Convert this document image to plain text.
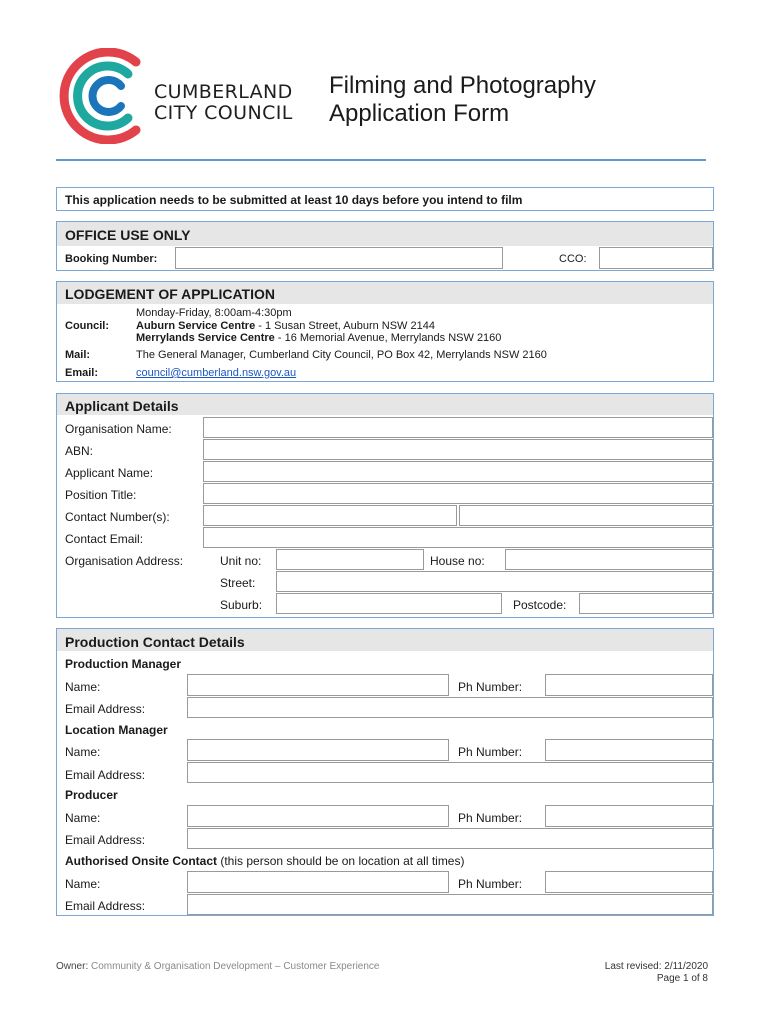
CUMBERLAND
CITY COUNCIL
Filming and Photography
Application Form
This application needs to be submitted at least 10 days before you intend to film
OFFICE USE ONLY
Booking Number:	CCO:
LODGEMENT OF APPLICATION
Council:
Monday-Friday, 8:00am-4:30pm
Auburn Service Centre - 1 Susan Street, Auburn NSW 2144
Merrylands Service Centre - 16 Memorial Avenue, Merrylands NSW 2160
Mail:	The General Manager, Cumberland City Council, PO Box 42, Merrylands NSW 2160
Email:	council@cumberland.nsw.gov.au
Applicant Details
Organisation Name:
ABN:
Applicant Name:
Position Title:
Contact Number(s):
Contact Email:
Organisation Address:	Unit no:	House no:
Street:
Suburb:	Postcode:
Production Contact Details
Production Manager
Name:	Ph Number:
Email Address:
Location Manager
Name:	Ph Number:
Email Address:
Producer
Name:	Ph Number:
Email Address:
Authorised Onsite Contact (this person should be on location at all times)
Name:	Ph Number:
Email Address:
Owner: Community & Organisation Development – Customer Experience	Last revised: 2/11/2020
Page 1 of 8
